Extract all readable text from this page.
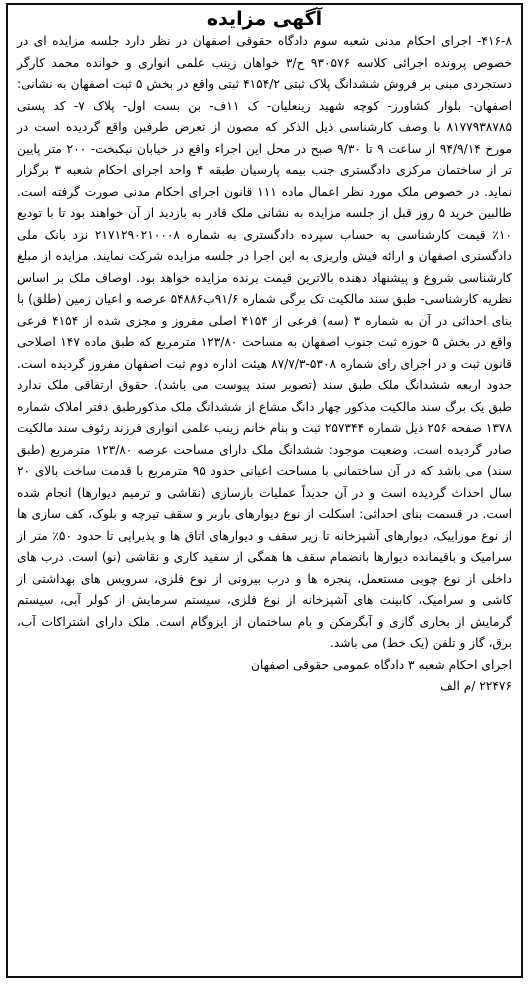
آگهی مزایده

۴۱۶-۸- اجرای احکام مدنی شعبه سوم دادگاه حقوقی اصفهان در نظر دارد جلسه مزایده ای در خصوص پرونده اجرائی کلاسه ۹۳۰۵۷۶ ح/۳ خواهان زینب علمی انواری و خوانده محمد کارگر دستجردی مبنی بر فروش ششدانگ پلاک ثبتی ۴۱۵۴/۲ ثبتی واقع در بخش ۵ ثبت اصفهان به نشانی: اصفهان- بلوار کشاورز- کوچه شهید زینعلیان- ک ۱۱ف- بن بست اول- پلاک ۷- کد پستی ۸۱۷۷۹۳۸۷۸۵ با وصف کارشناسی ذیل الذکر که مصون از تعرض طرفین واقع گردیده است در مورخ ۹۴/۹/۱۴ از ساعت ۹ تا ۹/۳۰ صبح در محل این اجراء واقع در خیابان نیکبخت- ۲۰۰ متر پایین تر از ساختمان مرکزی دادگستری جنب بیمه پارسیان طبقه ۴ واحد اجرای احکام شعبه ۳ برگزار نماید. در خصوص ملک مورد نظر اعمال ماده ۱۱۱ قانون اجرای احکام مدنی صورت گرفته است. طالبین خرید ۵ روز قبل از جلسه مزایده به نشانی ملک قادر به بازدید از آن خواهند بود تا با تودیع ۱۰٪ قیمت کارشناسی به حساب سپرده دادگستری به شماره ۲۱۷۱۲۹۰۲۱۰۰۰۸ نزد بانک ملی دادگستری اصفهان و ارائه فیش واریزی به این اجرا در جلسه مزایده شرکت نمایند. مزایده از مبلغ کارشناسی شروع و پیشنهاد دهنده بالاترین قیمت برنده مزایده خواهد بود. اوصاف ملک بر اساس نظریه کارشناسی- طبق سند مالکیت تک برگی شماره ۹۱/۶ب۵۴۸۸۶ عرصه و اعیان زمین (طلق) با بنای احداثی در آن به شماره ۳ (سه) فرعی از ۴۱۵۴ اصلی مفروز و مجزی شده از ۴۱۵۴ فرعی واقع در بخش ۵ حوزه ثبت جنوب اصفهان به مساحت ۱۲۳/۸۰ مترمربع که طبق ماده ۱۴۷ اصلاحی قانون ثبت و در اجرای رای شماره ۵۳۰۸-۸۷/۷/۳ هیئت اداره دوم ثبت اصفهان مفروز گردیده است. حدود اربعه ششدانگ ملک طبق سند (تصویر سند پیوست می باشد). حقوق ارتفاقی ملک ندارد طبق یک برگ سند مالکیت مذکور چهار دانگ مشاع از ششدانگ ملک مذکورطبق دفتر املاک شماره ۱۳۷۸ صفحه ۲۵۶ ذیل شماره ۲۵۷۳۴۴ ثبت و بنام خانم زینب علمی انواری فرزند رئوف سند مالکیت صادر گردیده است. وضعیت موجود: ششدانگ ملک دارای مساحت عرصه ۱۲۳/۸۰ مترمربع (طبق سند) می باشد که در آن ساختمانی با مساحت اعیانی حدود ۹۵ مترمربع با قدمت ساخت بالای ۲۰ سال احداث گردیده است و در آن جدیداً عملیات بازسازی (نقاشی و ترمیم دیوارها) انجام شده است. در قسمت بنای احداثی: اسکلت از نوع دیوارهای باربر و سقف تیرچه و بلوک، کف سازی ها از نوع موزاییک، دیوارهای آشپزخانه تا زیر سقف و دیوارهای اتاق ها و پذیرایی تا حدود ۵۰٪ متر از سرامیک و باقیمانده دیوارها بانضمام سقف ها همگی از سفید کاری و نقاشی (نو) است. درب های داخلی از نوع چوبی مستعمل، پنجره ها و درب بیرونی از نوع فلزی، سرویس های بهداشتی از کاشی و سرامیک، کابینت های آشپزخانه از نوع فلزی، سیستم سرمایش از کولر آبی، سیستم گرمایش از بخاری گازی و آبگرمکن و بام ساختمان از ایزوگام است. ملک دارای اشتراکات آب، برق، گاز و تلفن (یک خط) می باشد.

اجرای احکام شعبه ۳ دادگاه عمومی حقوقی اصفهان

۲۲۴۷۶ /م الف
